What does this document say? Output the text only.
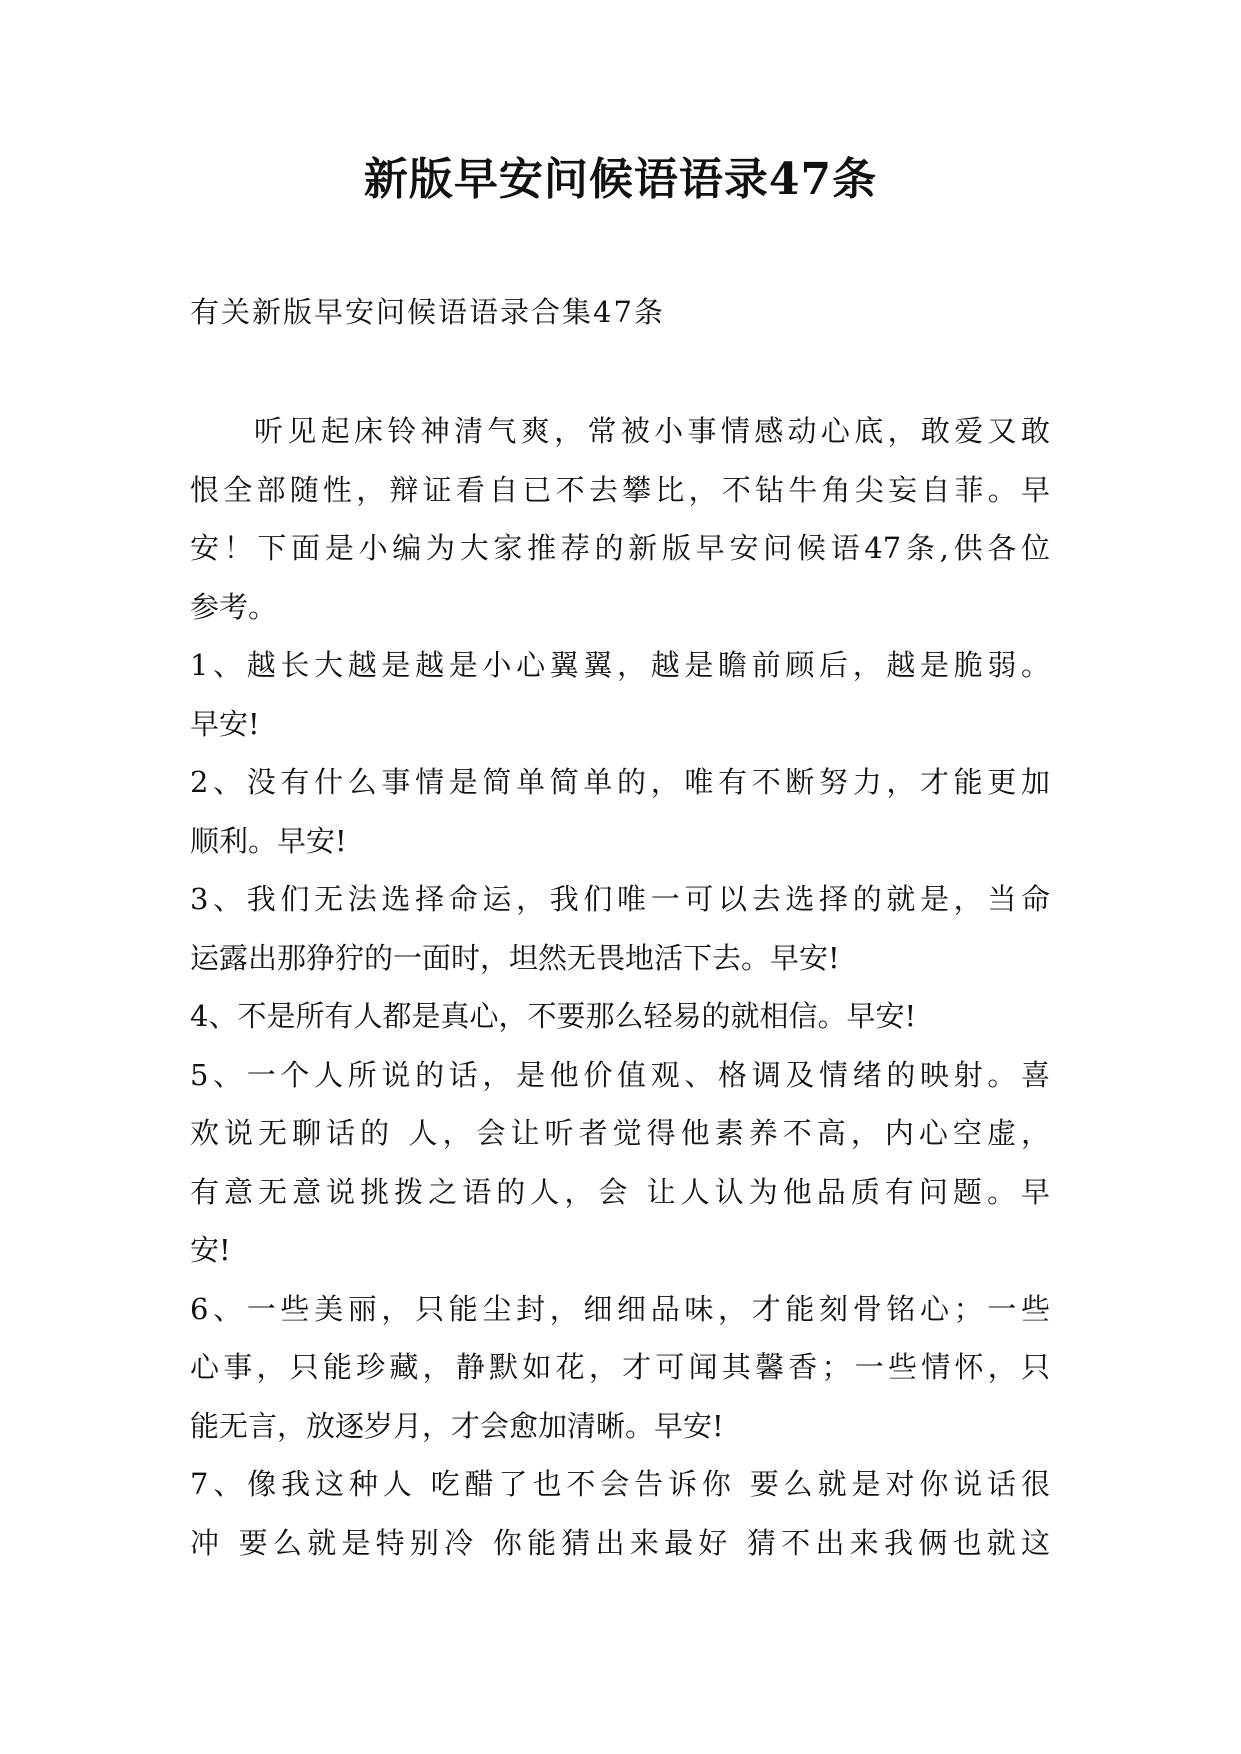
新版早安问候语语录47条
有关新版早安问候语语录合集47条
听见起床铃神清气爽，常被小事情感动心底，敢爱又敢
恨全部随性，辩证看自已不去攀比，不钻牛角尖妄自菲。早
安！下面是小编为大家推荐的新版早安问候语47条,供各位
参考。
1、越长大越是越是小心翼翼，越是瞻前顾后，越是脆弱。
早安!
2、没有什么事情是简单简单的，唯有不断努力，才能更加
顺利。早安!
3、我们无法选择命运，我们唯一可以去选择的就是，当命
运露出那狰狞的一面时，坦然无畏地活下去。早安!
4、不是所有人都是真心，不要那么轻易的就相信。早安!
5、一个人所说的话，是他价值观、格调及情绪的映射。喜
欢说无聊话的 人，会让听者觉得他素养不高，内心空虚，
有意无意说挑拨之语的人，会 让人认为他品质有问题。早
安!
6、一些美丽，只能尘封，细细品味，才能刻骨铭心；一些
心事，只能珍藏，静默如花，才可闻其馨香；一些情怀，只
能无言，放逐岁月，才会愈加清晰。早安!
7、像我这种人 吃醋了也不会告诉你 要么就是对你说话很
冲 要么就是特别冷 你能猜出来最好 猜不出来我俩也就这
